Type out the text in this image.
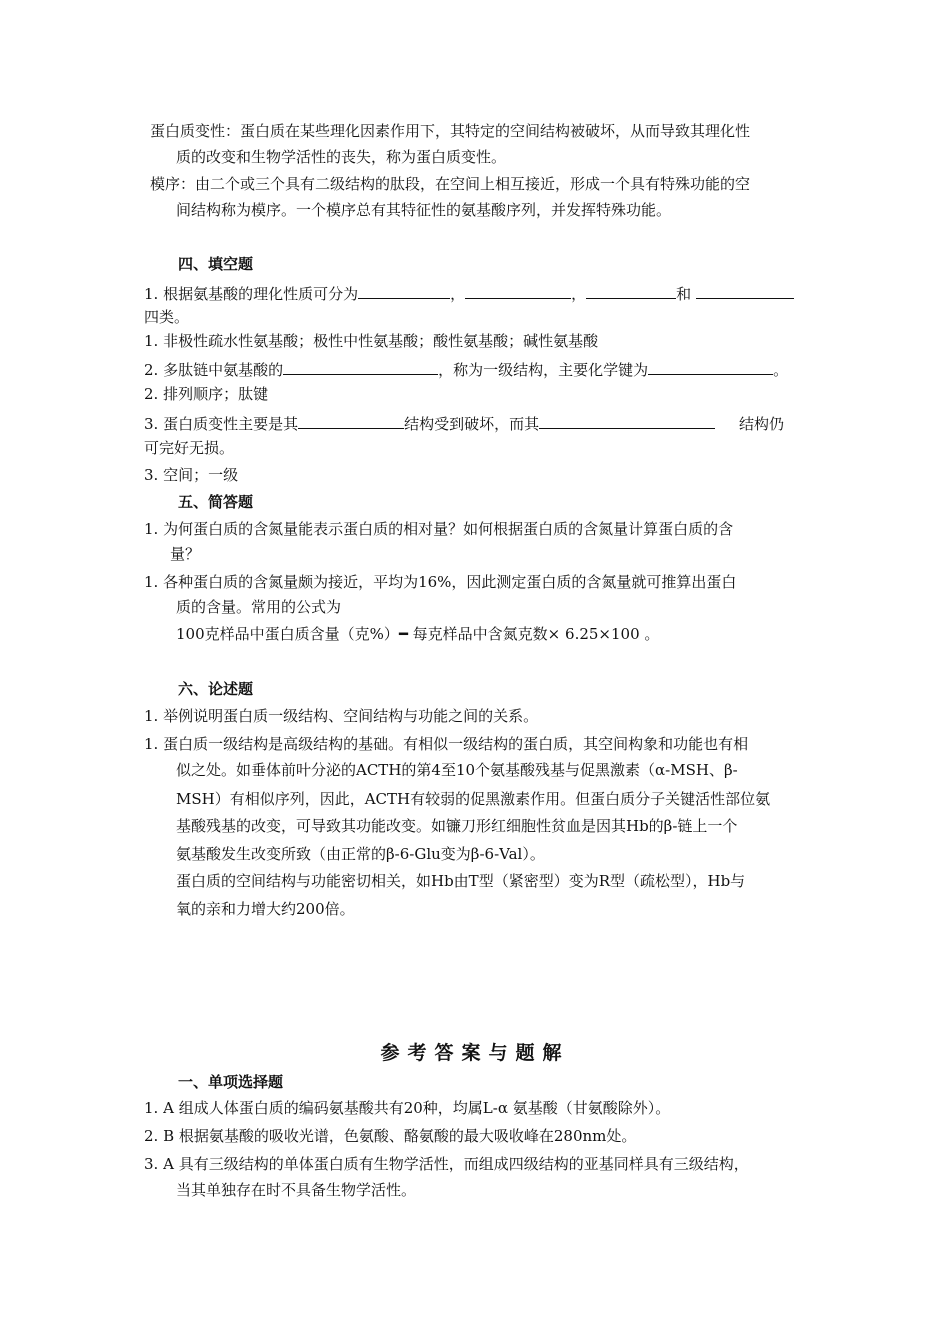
蛋白质变性：蛋白质在某些理化因素作用下，其特定的空间结构被破坏，从而导致其理化性
质的改变和生物学活性的丧失，称为蛋白质变性。
模序：由二个或三个具有二级结构的肽段，在空间上相互接近，形成一个具有特殊功能的空
间结构称为模序。一个模序总有其特征性的氨基酸序列，并发挥特殊功能。
四、填空题
1. 根据氨基酸的理化性质可分为	，	，	和
四类。
1. 非极性疏水性氨基酸；极性中性氨基酸；酸性氨基酸；碱性氨基酸
2. 多肽链中氨基酸的	，称为一级结构，主要化学键为	。
2. 排列顺序；肽键
3. 蛋白质变性主要是其	结构受到破坏，而其	结构仍
可完好无损。
3. 空间；一级
五、简答题
1. 为何蛋白质的含氮量能表示蛋白质的相对量？如何根据蛋白质的含氮量计算蛋白质的含
量？
1. 各种蛋白质的含氮量颇为接近，平均为16%，因此测定蛋白质的含氮量就可推算出蛋白
质的含量。常用的公式为
100克样品中蛋白质含量（克%）━ 每克样品中含氮克数× 6.25×100 。
六、论述题
1. 举例说明蛋白质一级结构、空间结构与功能之间的关系。
1. 蛋白质一级结构是高级结构的基础。有相似一级结构的蛋白质，其空间构象和功能也有相
似之处。如垂体前叶分泌的ACTH的第4至10个氨基酸残基与促黑激素（α-MSH、β-
MSH）有相似序列，因此，ACTH有较弱的促黑激素作用。但蛋白质分子关键活性部位氨
基酸残基的改变，可导致其功能改变。如镰刀形红细胞性贫血是因其Hb的β-链上一个
氨基酸发生改变所致（由正常的β-6-Glu变为β-6-Val）。
蛋白质的空间结构与功能密切相关，如Hb由T型（紧密型）变为R型（疏松型），Hb与
氧的亲和力增大约200倍。
参考答案与题解
一、单项选择题
1. A 组成人体蛋白质的编码氨基酸共有20种，均属L-α 氨基酸（甘氨酸除外）。
2. B 根据氨基酸的吸收光谱，色氨酸、酪氨酸的最大吸收峰在280nm处。
3. A 具有三级结构的单体蛋白质有生物学活性，而组成四级结构的亚基同样具有三级结构，
当其单独存在时不具备生物学活性。
